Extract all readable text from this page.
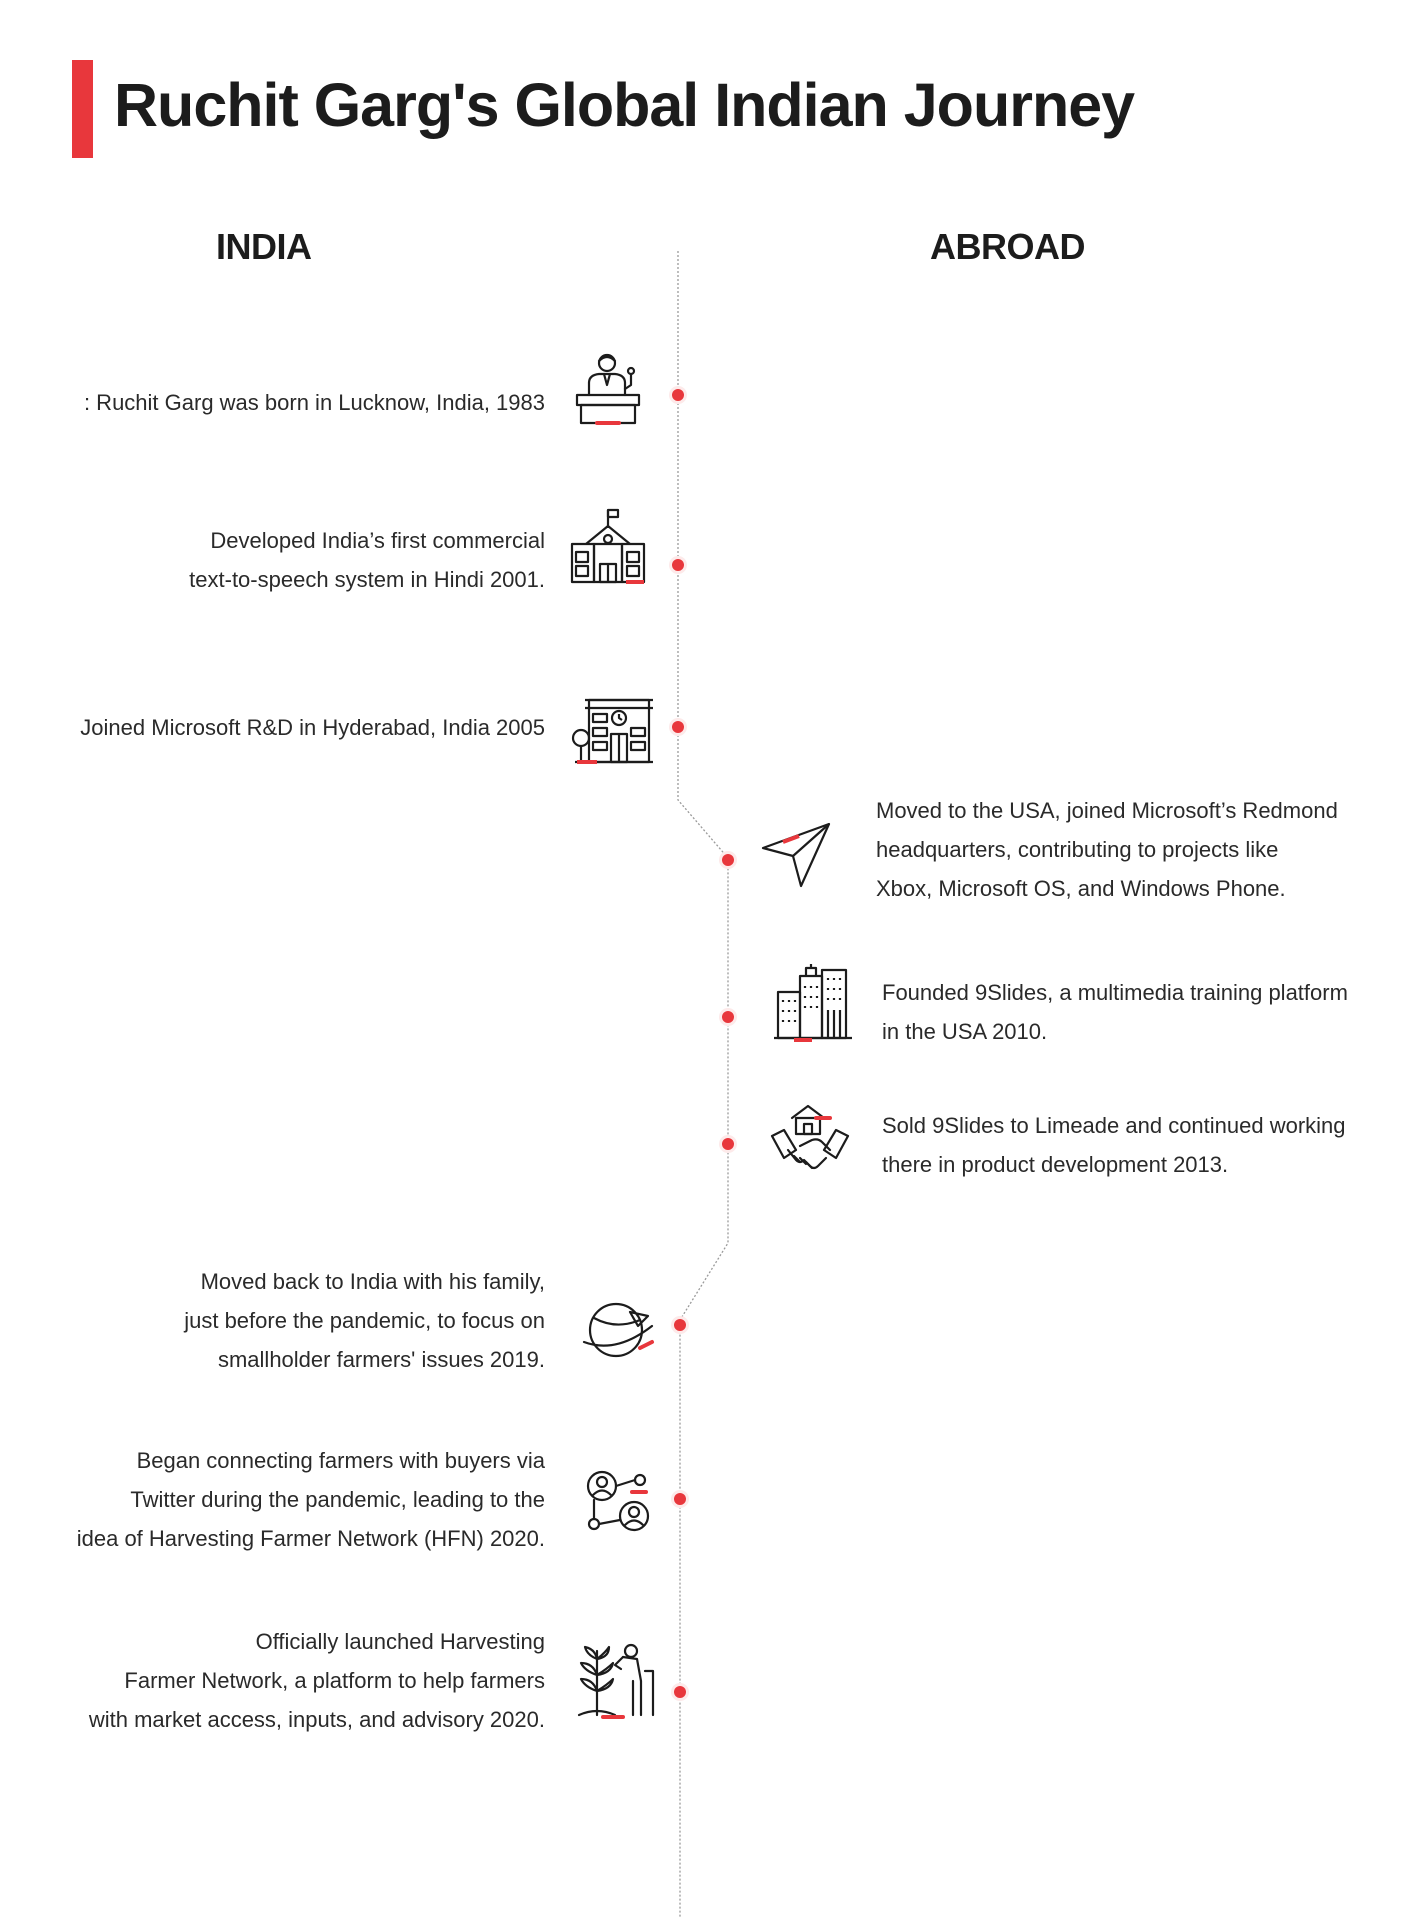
Ruchit Garg's Global Indian Journey
INDIA	ABROAD
: Ruchit Garg was born in Lucknow, India, 1983
Developed India’s first commercial
text-to-speech system in Hindi 2001.
Joined Microsoft R&D in Hyderabad, India 2005
Moved to the USA, joined Microsoft’s Redmond
headquarters, contributing to projects like
Xbox, Microsoft OS, and Windows Phone.
Founded 9Slides, a multimedia training platform
in the USA 2010.
Sold 9Slides to Limeade and continued working
there in product development 2013.
Moved back to India with his family,
just before the pandemic, to focus on
smallholder farmers' issues 2019.
Began connecting farmers with buyers via
Twitter during the pandemic, leading to the
idea of Harvesting Farmer Network (HFN) 2020.
Officially launched Harvesting
Farmer Network, a platform to help farmers
with market access, inputs, and advisory 2020.
